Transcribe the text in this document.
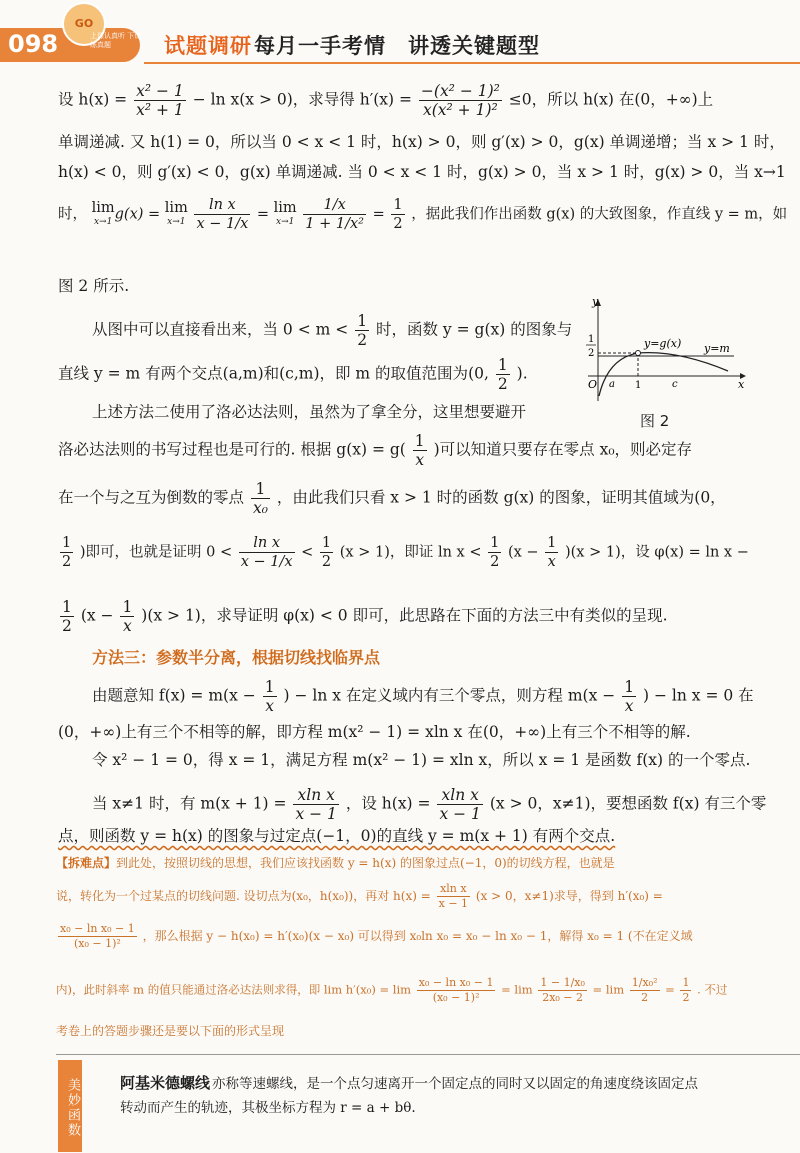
098
GO
上课认真听 下课练真题	试题调研 每月一手考情　讲透关键题型
设 $h(x) = \frac{\text{x² − 1}}{\text{x² + 1}} - \ln x(x > 0)$，求导得 $h'(x) = \frac{\text{−(x² − 1)²}}{\text{x(x² + 1)²}} \le 0$，所以 h(x) 在(0，+∞)上
单调递减. 又 h(1) = 0，所以当 0 < x < 1 时，h(x) > 0，则 g′(x) > 0，g(x) 单调递增；当 x > 1 时，
h(x) < 0，则 g′(x) < 0，g(x) 单调递减. 当 0 < x < 1 时，g(x) > 0，当 x > 1 时，g(x) > 0，当 x→1
时， lim
x→1 g(x) = lim
x→1
$\frac{\text{ln x}}{x - 1/x} = \lim$
x→1
$\frac{1/x}{\text{1 + 1/x²}} = \frac{1}{2}$ ，据此我们作出函数 g(x) 的大致图象，作直线 y = m，如
图 2 所示.
从图中可以直接看出来，当 $0 < m < \frac{1}{2}$ 时，函数 y = g(x) 的图象与
直线 y = m 有两个交点(a,m)和(c,m)，即 m 的取值范围为(0, $\frac{1}{2}$ ).
上述方法二使用了洛必达法则，虽然为了拿全分，这里想要避开
洛必达法则的书写过程也是可行的. 根据 $g(x) = g( \frac{1}{x}$ )可以知道只要存在零点 x₀，则必定存
在一个与之互为倒数的零点 $\frac{1}{\text{x₀}}$ ，由此我们只看 x > 1 时的函数 g(x) 的图象，证明其值域为(0，
$\frac{1}{2}$ )即可，也就是证明 $0 < \frac{\text{ln x}}{x - 1/x} < \frac{1}{2} (x > 1)$，即证 $\ln x < \frac{1}{2} (x - \frac{1}{x} )(x > 1)$，设 φ(x) = ln x −
$\frac{1}{2} (x - \frac{1}{x} )(x > 1)$，求导证明 φ(x) < 0 即可，此思路在下面的方法三中有类似的呈现.
方法三：参数半分离，根据切线找临界点
由题意知 $f(x) = m(x - \frac{1}{x}$ ) − ln x 在定义域内有三个零点，则方程 $m(x - \frac{1}{x}$ ) − ln x = 0 在
(0，+∞)上有三个不相等的解，即方程 m(x² − 1) = xln x 在(0，+∞)上有三个不相等的解.
令 x² − 1 = 0，得 x = 1，满足方程 m(x² − 1) = xln x，所以 x = 1 是函数 f(x) 的一个零点.
当 x≠1 时，有 $m(x + 1) = \frac{\text{xln x}}{x - 1}$ ，设 $h(x) = \frac{\text{xln x}}{x - 1} (x > 0$，x≠1)，要想函数 f(x) 有三个零
点，则函数 y = h(x) 的图象与过定点(−1，0)的直线 y = m(x + 1) 有两个交点.
【拆难点】到此处，按照切线的思想，我们应该找函数 y = h(x) 的图象过点(−1，0)的切线方程，也就是
说，转化为一个过某点的切线问题. 设切点为(x₀，h(x₀))，再对 $h(x) = \frac{\text{xln x}}{x - 1} (x > 0$，x≠1)求导，得到 h′(x₀) =
$\frac{\text{x₀ − ln x₀ − 1}}{\text{(x₀ − 1)²}}$ ，那么根据 y − h(x₀) = h′(x₀)(x − x₀) 可以得到 x₀ln x₀ = x₀ − ln x₀ − 1，解得 x₀ = 1 (不在定义域
内)，此时斜率 m 的值只能通过洛必达法则求得，即 $\lim h'(x_0) = \lim \frac{\text{x₀ − ln x₀ − 1}}{\text{(x₀ − 1)²}} = \lim \frac{\text{1 − 1/x₀}}{\text{2x₀ − 2}} = \lim \frac{\text{1/x₀²}}{2} = \frac{1}{2}$ . 不过
考卷上的答题步骤还是要以下面的形式呈现
y
x
O a 1	c
1
2
y=g(x) y=m
图 2
美妙函数	阿基米德螺线 亦称等速螺线，是一个点匀速离开一个固定点的同时又以固定的角速度绕该固定点
转动而产生的轨迹，其极坐标方程为 r = a + bθ.
